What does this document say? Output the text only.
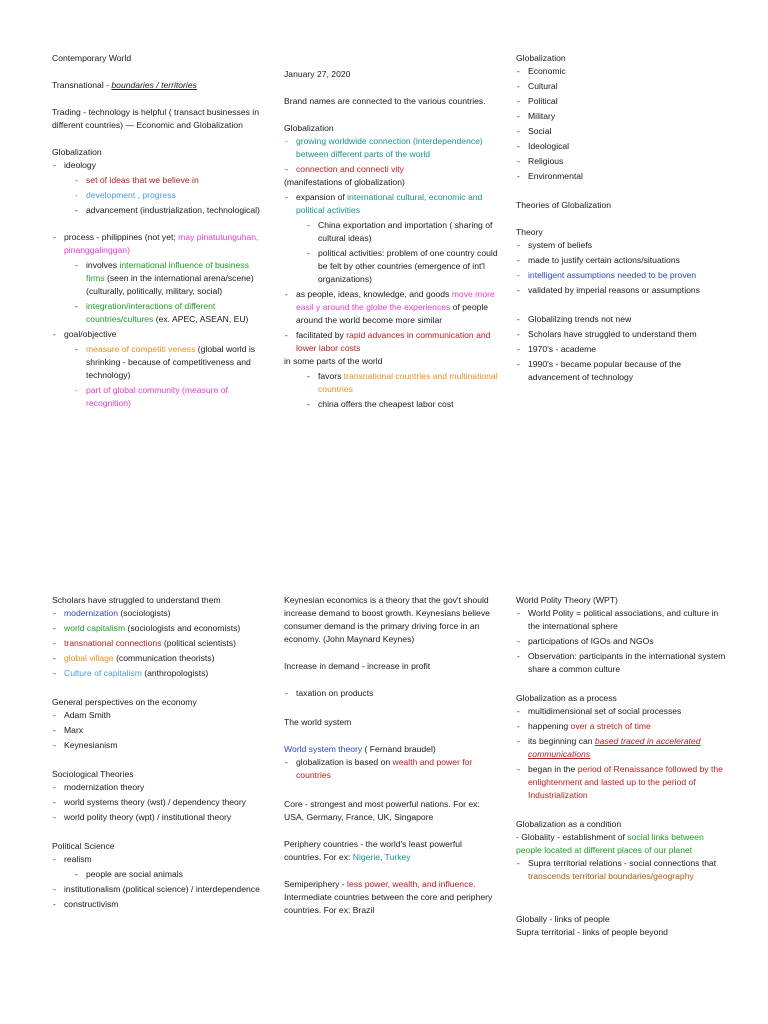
Contemporary World

Transnational - boundaries / territories

Trading - technology is helpful ( transact businesses in different countries) — Economic and Globalization

Globalization

- ideology
- set of ideas that we believe in
- development , progress
- advancement (industrialization, technological)
- process - philippines (not yet; may pinatutunguhan, pinanggalinggan)
- involves international influence of business firms (seen in the international arena/scene) (culturally, politically, military, social)
- integration/interactions of different countries/cultures (ex. APEC, ASEAN, EU)
- goal/objective
- measure of competiti veness (global world is shrinking - because of competitiveness and technology)
- part of global community (measure of recognition)

January 27, 2020

Brand names are connected to the various countries.

Globalization

- growing worldwide connection (interdependence) between different parts of the world
- connection and connecti vity
(manifestations of globalization)
- expansion of international cultural, economic and political activities
- China exportation and importation ( sharing of cultural ideas)
- political activities: problem of one country could be felt by other countries (emergence of int'l organizations)
- as people, ideas, knowledge, and goods move more easil y around the globe the experiences of people around the world become more similar
- facilitated by rapid advances in communication and lower labor costs
in some parts of the world
- favors transnational countries and multinational countries
- china offers the cheapest labor cost

Globalization

- Economic
- Cultural
- Political
- Military
- Social
- Ideological
- Religious
- Environmental

Theories of Globalization

Theory

- system of beliefs
- made to justify certain actions/situations
- intelligent assumptions needed to be proven
- validated by imperial reasons or assumptions
- Globalilzing trends not new
- Scholars have struggled to understand them
- 1970's - academe
- 1990's - became popular because of the advancement of technology

Scholars have struggled to understand them

- modernization (sociologists)
- world capitalism (sociologists and economists)
- transnational connections (political scientists)
- global village (communication theorists)
- Culture of capitalism (anthropologists)

General perspectives on the economy

- Adam Smith
- Marx
- Keynesianism

Sociological Theories

- modernization theory
- world systems theory (wst) / dependency theory
- world polity theory (wpt) / institutional theory

Political Science

- realism
- people are social animals
- institutionalism (political science) / interdependence
- constructivism

Keynesian economics is a theory that the gov't should increase demand to boost growth. Keynesians believe consumer demand is the primary driving force in an economy. (John Maynard Keynes)

Increase in demand - increase in profit

- taxation on products

The world system

World system theory ( Fernand braudel)

- globalization is based on wealth and power for countries

Core - strongest and most powerful nations. For ex: USA, Germany, France, UK, Singapore

Periphery countries - the world's least powerful countries. For ex: Nigerie, Turkey

Semiperiphery - less power, wealth, and influence. Intermediate countries between the core and periphery countries. For ex: Brazil

World Polity Theory (WPT)

- World Polity = political associations, and culture in the international sphere
- participations of IGOs and NGOs
- Observation: participants in the international system share a common culture

Globalization as a process

- multidimensional set of social processes
- happening over a stretch of time
- its beginning can based traced in accelerated communications
- began in the period of Renaissance followed by the enlightenment and lasted up to the period of Industrialization

Globalization as a condition

- Globality - establishment of social links between people located at different places of our planet

- Supra territorial relations - social connections that transcends territorial boundaries/geography

Globally - links of people

Supra territorial - links of people beyond
